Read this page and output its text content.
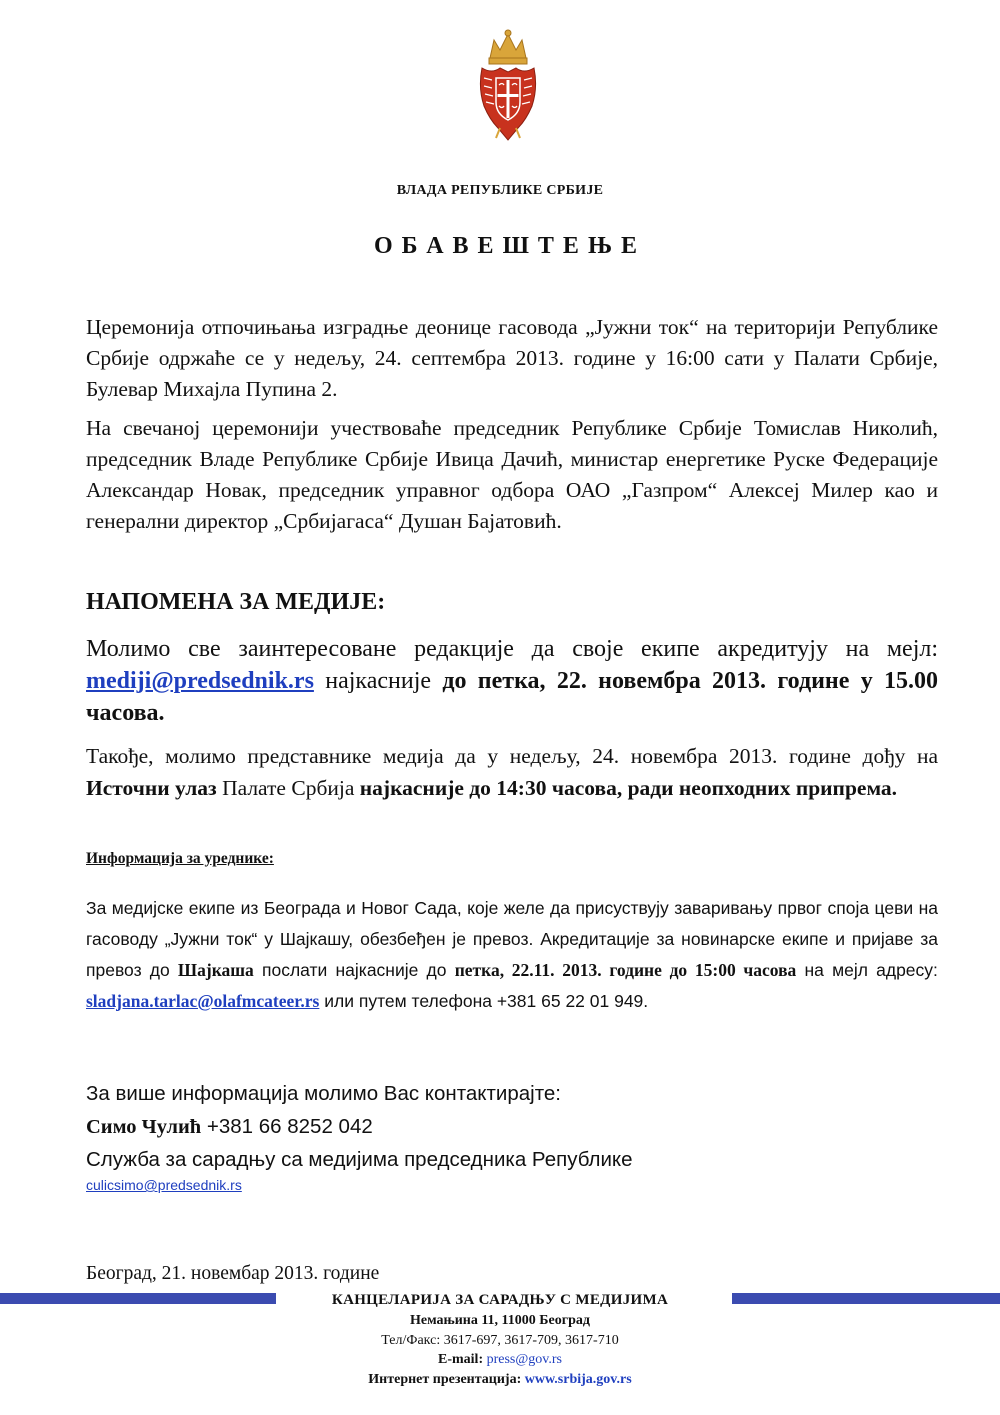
ВЛАДА РЕПУБЛИКЕ СРБИЈЕ
ОБАВЕШТЕЊЕ
Церемонија отпочињања изградње деонице гасовода „Јужни ток“ на територији Републике Србије одржаће се у недељу, 24. септембра 2013. године у 16:00 сати у Палати Србије, Булевар Михајла Пупина 2.
На свечаној церемонији учествоваће председник Републике Србије Томислав Николић, председник Владе Републике Србије Ивица Дачић, министар енергетике Руске Федерације Александар Новак, председник управног одбора ОАО „Газпром“ Алексеј Милер као и генерални директор „Србијагаса“ Душан Бајатовић.
НАПОМЕНА ЗА МЕДИЈЕ:
Молимо све заинтересоване редакције да своје екипе акредитују на мејл: mediji@predsednik.rs најкасније до петка, 22. новембра 2013. године у 15.00 часова.
Такође, молимо представнике медија да у недељу, 24. новембра 2013. године дођу на Источни улаз Палате Србија најкасније до 14:30 часова, ради неопходних припрема.
Информација за уреднике:
За медијске екипе из Београда и Новог Сада, које желе да присуствују заваривању првог споја цеви на гасоводу „Јужни ток“ у Шајкашу, обезбеђен је превоз. Акредитације за новинарске екипе и пријаве за превоз до Шајкаша послати најкасније до петка, 22.11. 2013. године до 15:00 часова на мејл адресу: sladjana.tarlac@olafmcateer.rs или путем телефона +381 65 22 01 949.
За више информација молимо Вас контактирајте:
Симо Чулић +381 66 8252 042
Служба за сарадњу са медијима председника Републике
culicsimo@predsednik.rs
Београд, 21. новембар 2013. године
КАНЦЕЛАРИЈА ЗА САРАДЊУ С МЕДИЈИМА
Немањина 11, 11000 Београд
Тел/Факс: 3617-697, 3617-709, 3617-710
E-mail: press@gov.rs
Интернет презентација: www.srbija.gov.rs
